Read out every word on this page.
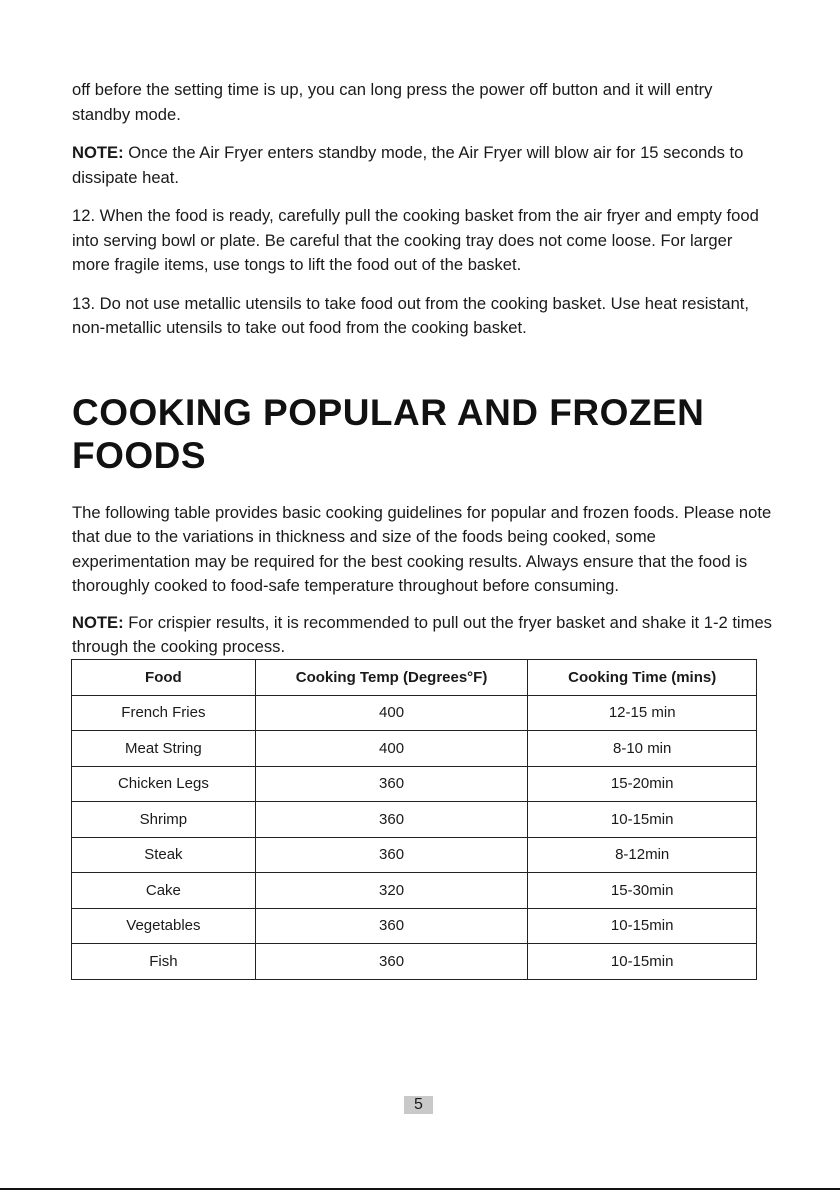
off before the setting time is up, you can long press the power off button and it will entry standby mode.

NOTE: Once the Air Fryer enters standby mode, the Air Fryer will blow air for 15 seconds to dissipate heat.

12. When the food is ready, carefully pull the cooking basket from the air fryer and empty food into serving bowl or plate. Be careful that the cooking tray does not come loose. For larger more fragile items, use tongs to lift the food out of the basket.

13. Do not use metallic utensils to take food out from the cooking basket. Use heat resistant, non-metallic utensils to take out food from the cooking basket.

COOKING POPULAR AND FROZEN FOODS

The following table provides basic cooking guidelines for popular and frozen foods. Please note that due to the variations in thickness and size of the foods being cooked, some experimentation may be required for the best cooking results. Always ensure that the food is thoroughly cooked to food-safe temperature throughout before consuming.

NOTE: For crispier results, it is recommended to pull out the fryer basket and shake it 1-2 times through the cooking process.

Food	Cooking Temp (Degrees°F)	Cooking Time (mins)
French Fries	400	12-15 min
Meat String	400	8-10 min
Chicken Legs	360	15-20min
Shrimp	360	10-15min
Steak	360	8-12min
Cake	320	15-30min
Vegetables	360	10-15min
Fish	360	10-15min
5
